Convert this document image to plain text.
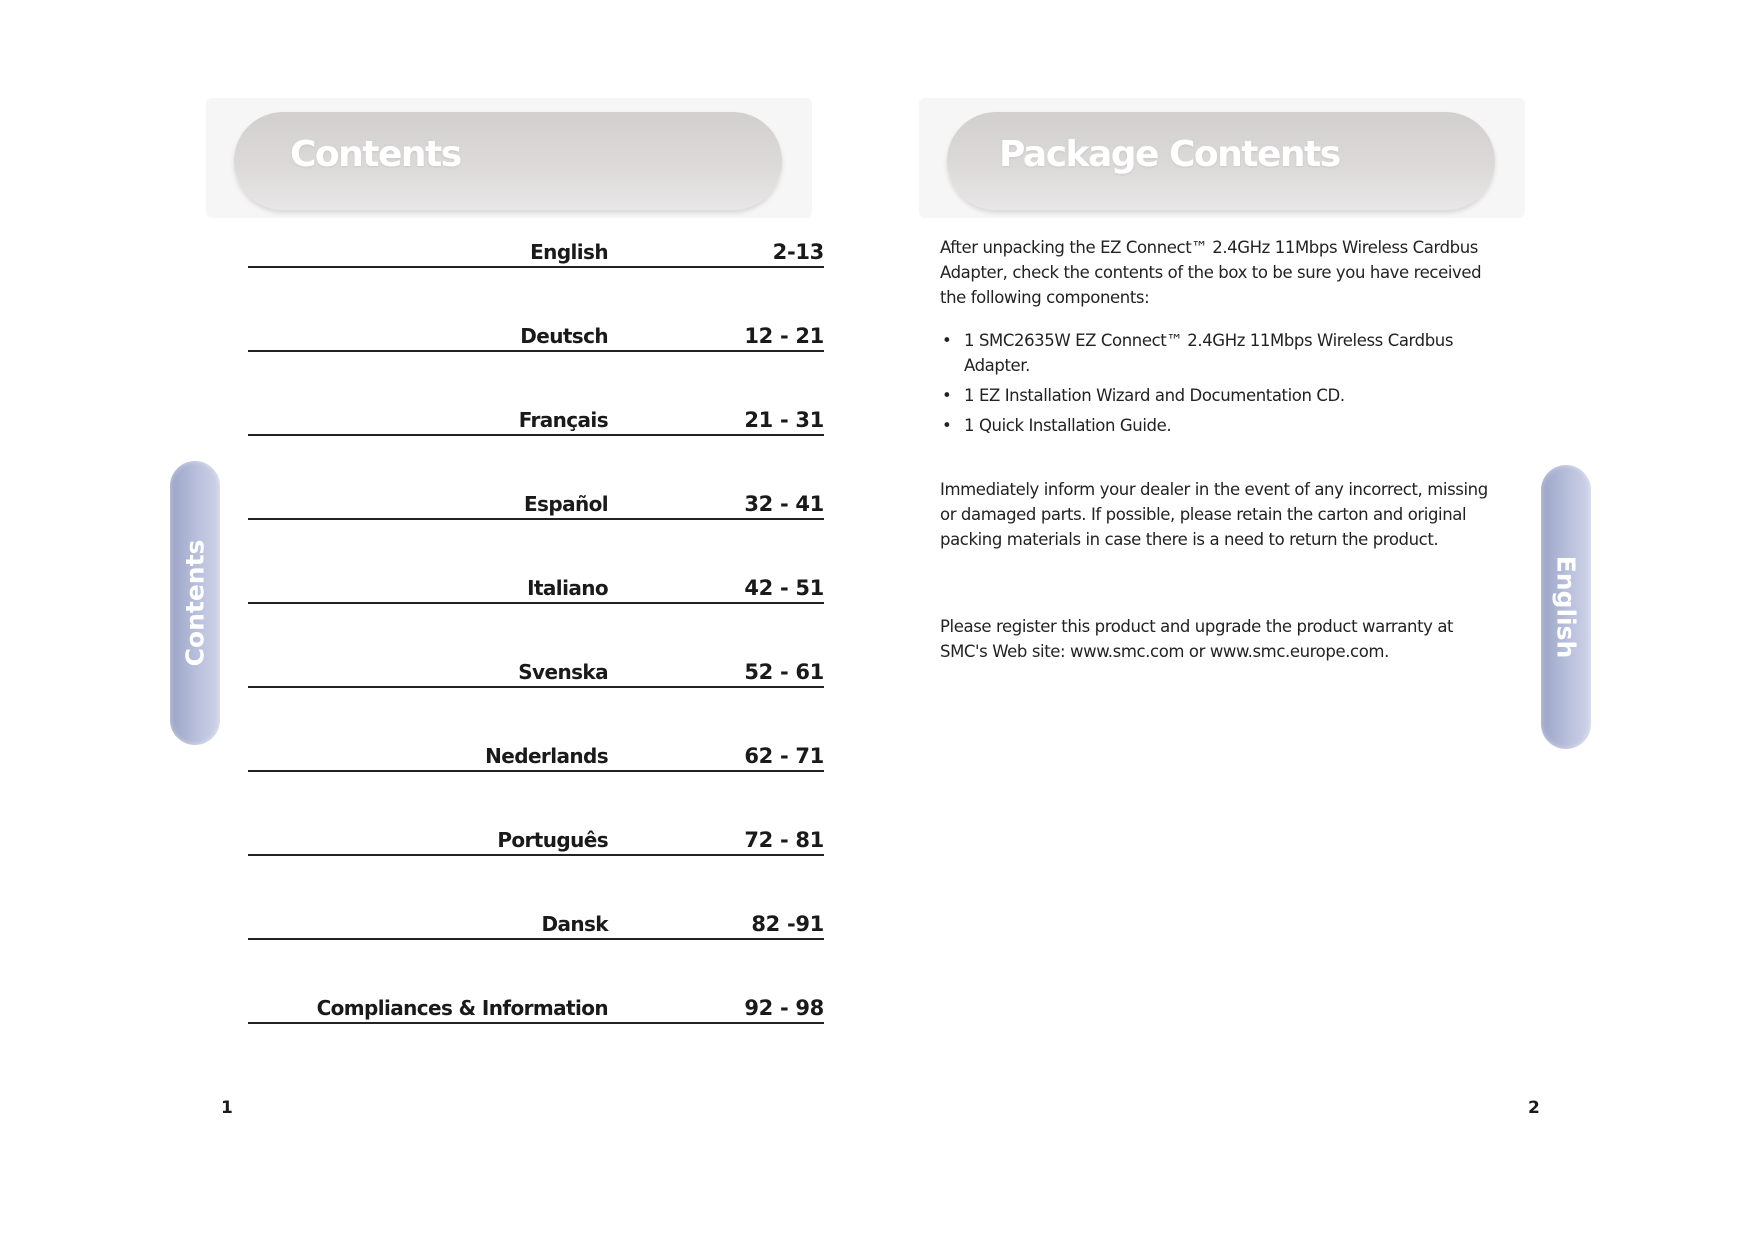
Contents
Contents
English	2-13
Deutsch	12 - 21
Français	21 - 31
Español	32 - 41
Italiano	42 - 51
Svenska	52 - 61
Nederlands	62 - 71
Português	72 - 81
Dansk	82 -91
Compliances & Information	92 - 98
1
Package Contents
After unpacking the EZ Connect™ 2.4GHz 11Mbps Wireless Cardbus Adapter, check the contents of the box to be sure you have received the following components:
• 1 SMC2635W EZ Connect™ 2.4GHz 11Mbps Wireless Cardbus Adapter.
• 1 EZ Installation Wizard and Documentation CD.
• 1 Quick Installation Guide.
Immediately inform your dealer in the event of any incorrect, missing or damaged parts. If possible, please retain the carton and original packing materials in case there is a need to return the product.
Please register this product and upgrade the product warranty at SMC's Web site: www.smc.com or www.smc.europe.com.	English
2
